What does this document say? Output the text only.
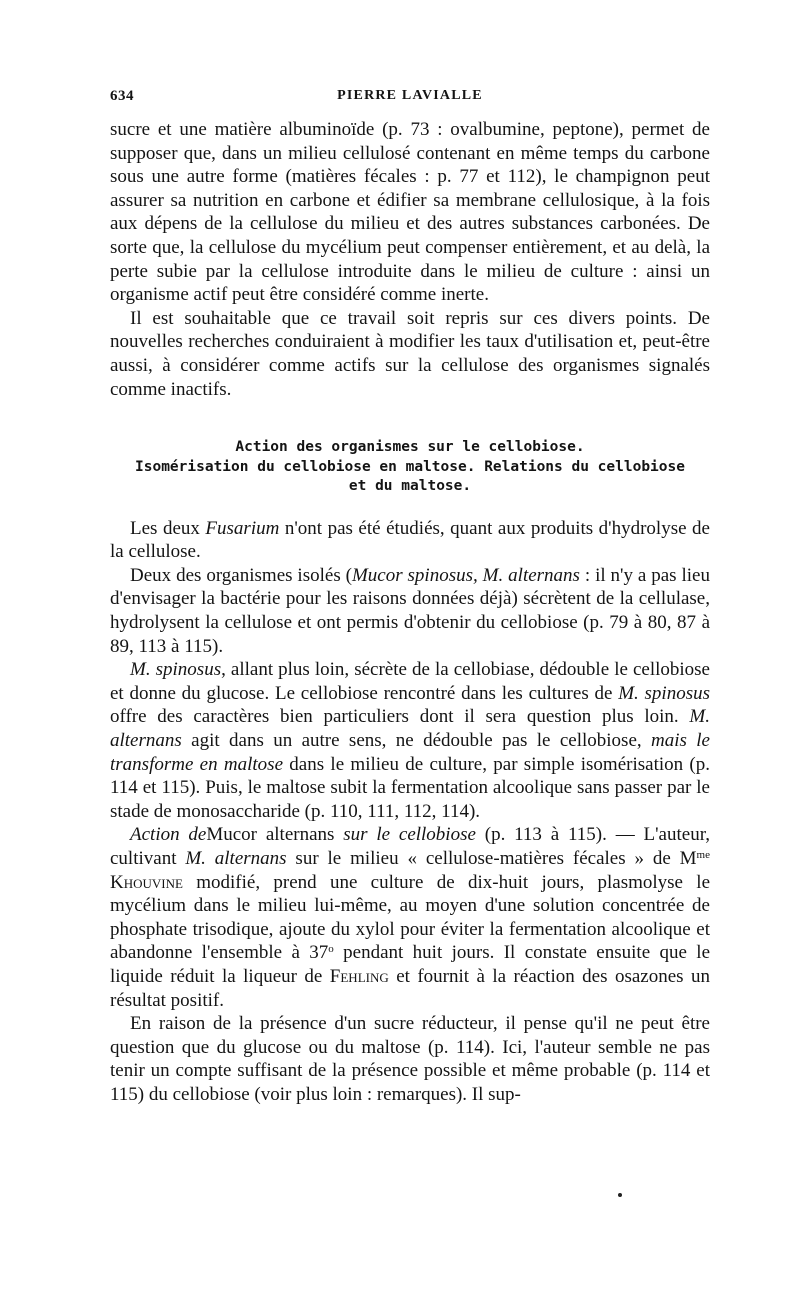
634	PIERRE LAVIALLE

sucre et une matière albuminoïde (p. 73 : ovalbumine, peptone), permet de supposer que, dans un milieu cellulosé contenant en même temps du carbone sous une autre forme (matières fécales : p. 77 et 112), le champignon peut assurer sa nutrition en carbone et édifier sa membrane cellulosique, à la fois aux dépens de la cellulose du milieu et des autres substances carbonées. De sorte que, la cellulose du mycélium peut compenser entièrement, et au delà, la perte subie par la cellulose introduite dans le milieu de culture : ainsi un organisme actif peut être considéré comme inerte.

Il est souhaitable que ce travail soit repris sur ces divers points. De nouvelles recherches conduiraient à modifier les taux d'utilisation et, peut-être aussi, à considérer comme actifs sur la cellulose des organismes signalés comme inactifs.

Action des organismes sur le cellobiose.

Isomérisation du cellobiose en maltose. Relations du cellobiose

et du maltose.

Les deux Fusarium n'ont pas été étudiés, quant aux produits d'hydrolyse de la cellulose.

Deux des organismes isolés (Mucor spinosus, M. alternans : il n'y a pas lieu d'envisager la bactérie pour les raisons données déjà) sécrètent de la cellulase, hydrolysent la cellulose et ont permis d'obtenir du cellobiose (p. 79 à 80, 87 à 89, 113 à 115).

M. spinosus, allant plus loin, sécrète de la cellobiase, dédouble le cellobiose et donne du glucose. Le cellobiose rencontré dans les cultures de M. spinosus offre des caractères bien particuliers dont il sera question plus loin. M. alternans agit dans un autre sens, ne dédouble pas le cellobiose, mais le transforme en maltose dans le milieu de culture, par simple isomérisation (p. 114 et 115). Puis, le maltose subit la fermentation alcoolique sans passer par le stade de monosaccharide (p. 110, 111, 112, 114).

Action deMucor alternans sur le cellobiose (p. 113 à 115). — L'auteur, cultivant M. alternans sur le milieu « cellulose-matières fécales » de $M^{me}$ Khouvine modifié, prend une culture de dix-huit jours, plasmolyse le mycélium dans le milieu lui-même, au moyen d'une solution concentrée de phosphate trisodique, ajoute du xylol pour éviter la fermentation alcoolique et abandonne l'ensemble à 37$^o$ pendant huit jours. Il constate ensuite que le liquide réduit la liqueur de Fehling et fournit à la réaction des osazones un résultat positif.

En raison de la présence d'un sucre réducteur, il pense qu'il ne peut être question que du glucose ou du maltose (p. 114). Ici, l'auteur semble ne pas tenir un compte suffisant de la présence possible et même probable (p. 114 et 115) du cellobiose (voir plus loin : remarques). Il sup-
